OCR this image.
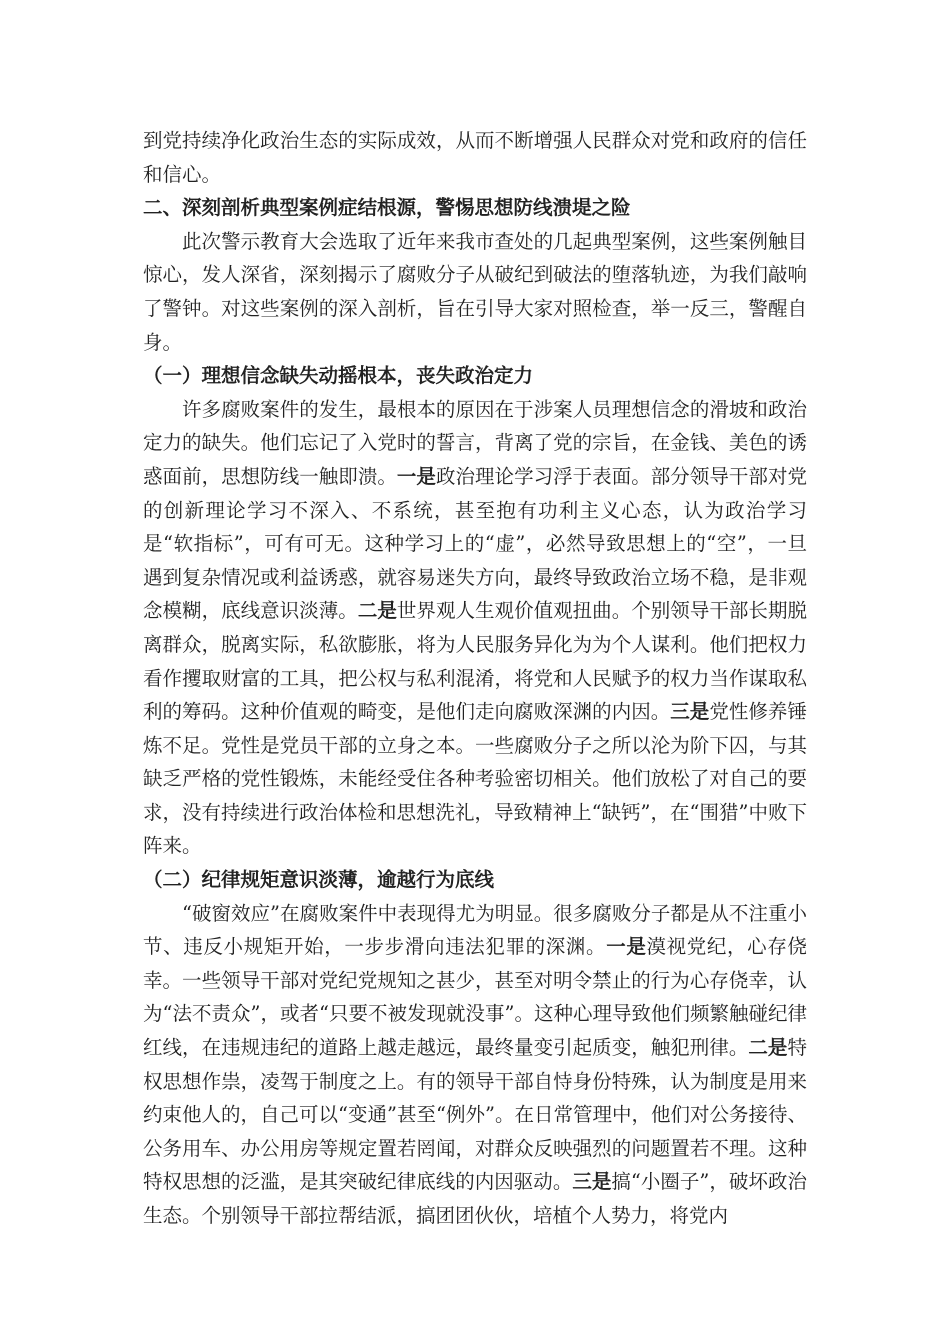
到党持续净化政治生态的实际成效，从而不断增强人民群众对党和政府的信任和信心。

二、深刻剖析典型案例症结根源，警惕思想防线溃堤之险

此次警示教育大会选取了近年来我市查处的几起典型案例，这些案例触目惊心，发人深省，深刻揭示了腐败分子从破纪到破法的堕落轨迹，为我们敲响了警钟。对这些案例的深入剖析，旨在引导大家对照检查，举一反三，警醒自身。

（一）理想信念缺失动摇根本，丧失政治定力

许多腐败案件的发生，最根本的原因在于涉案人员理想信念的滑坡和政治定力的缺失。他们忘记了入党时的誓言，背离了党的宗旨，在金钱、美色的诱惑面前，思想防线一触即溃。一是政治理论学习浮于表面。部分领导干部对党的创新理论学习不深入、不系统，甚至抱有功利主义心态，认为政治学习是“软指标”，可有可无。这种学习上的“虚”，必然导致思想上的“空”，一旦遇到复杂情况或利益诱惑，就容易迷失方向，最终导致政治立场不稳，是非观念模糊，底线意识淡薄。二是世界观人生观价值观扭曲。个别领导干部长期脱离群众，脱离实际，私欲膨胀，将为人民服务异化为为个人谋利。他们把权力看作攫取财富的工具，把公权与私利混淆，将党和人民赋予的权力当作谋取私利的筹码。这种价值观的畸变，是他们走向腐败深渊的内因。三是党性修养锤炼不足。党性是党员干部的立身之本。一些腐败分子之所以沦为阶下囚，与其缺乏严格的党性锻炼，未能经受住各种考验密切相关。他们放松了对自己的要求，没有持续进行政治体检和思想洗礼，导致精神上“缺钙”，在“围猎”中败下阵来。

（二）纪律规矩意识淡薄，逾越行为底线

“破窗效应”在腐败案件中表现得尤为明显。很多腐败分子都是从不注重小节、违反小规矩开始，一步步滑向违法犯罪的深渊。一是漠视党纪，心存侥幸。一些领导干部对党纪党规知之甚少，甚至对明令禁止的行为心存侥幸，认为“法不责众”，或者“只要不被发现就没事”。这种心理导致他们频繁触碰纪律红线，在违规违纪的道路上越走越远，最终量变引起质变，触犯刑律。二是特权思想作祟，凌驾于制度之上。有的领导干部自恃身份特殊，认为制度是用来约束他人的，自己可以“变通”甚至“例外”。在日常管理中，他们对公务接待、公务用车、办公用房等规定置若罔闻，对群众反映强烈的问题置若不理。这种特权思想的泛滥，是其突破纪律底线的内因驱动。三是搞“小圈子”，破坏政治生态。个别领导干部拉帮结派，搞团团伙伙，培植个人势力，将党内
